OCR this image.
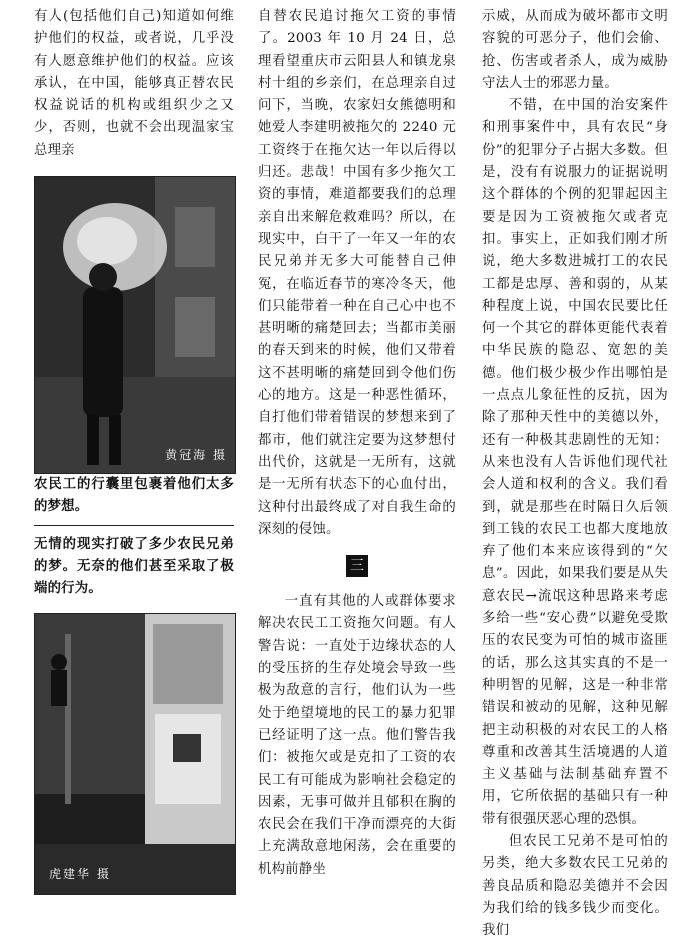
有人(包括他们自己)知道如何维护他们的权益，或者说，几乎没有人愿意维护他们的权益。应该承认，在中国，能够真正替农民权益说话的机构或组织少之又少，否则，也就不会出现温家宝总理亲

黄冠海 摄

农民工的行囊里包裹着他们太多的梦想。

无情的现实打破了多少农民兄弟的梦。无奈的他们甚至采取了极端的行为。

虎建华 摄

自替农民追讨拖欠工资的事情了。2003 年 10 月 24 日，总理看望重庆市云阳县人和镇龙泉村十组的乡亲们，在总理亲自过问下，当晚，农家妇女熊德明和她爱人李建明被拖欠的 2240 元工资终于在拖欠达一年以后得以归还。悲哉！中国有多少拖欠工资的事情，难道都要我们的总理亲自出来解危救难吗？所以，在现实中，白干了一年又一年的农民兄弟并无多大可能替自己伸冤，在临近春节的寒冷冬天，他们只能带着一种在自己心中也不甚明晰的痛楚回去；当都市美丽的春天到来的时候，他们又带着这不甚明晰的痛楚回到令他们伤心的地方。这是一种恶性循环，自打他们带着错误的梦想来到了都市，他们就注定要为这梦想付出代价，这就是一无所有，这就是一无所有状态下的心血付出，这种付出最终成了对自我生命的深刻的侵蚀。

三

一直有其他的人或群体要求解决农民工工资拖欠问题。有人警告说：一直处于边缘状态的人的受压挤的生存处境会导致一些极为敌意的言行，他们认为一些处于绝望境地的民工的暴力犯罪已经证明了这一点。他们警告我们：被拖欠或是克扣了工资的农民工有可能成为影响社会稳定的因素，无事可做并且郁积在胸的农民会在我们干净而漂亮的大街上充满敌意地闲荡，会在重要的机构前静坐

示威，从而成为破坏都市文明容貌的可恶分子，他们会偷、抢、伤害或者杀人，成为威胁守法人士的邪恶力量。

不错，在中国的治安案件和刑事案件中，具有农民“身份”的犯罪分子占据大多数。但是，没有有说服力的证据说明这个群体的个例的犯罪起因主要是因为工资被拖欠或者克扣。事实上，正如我们刚才所说，绝大多数进城打工的农民工都是忠厚、善和弱的，从某种程度上说，中国农民要比任何一个其它的群体更能代表着中华民族的隐忍、宽恕的美德。他们极少极少作出哪怕是一点点儿象征性的反抗，因为除了那种天性中的美德以外，还有一种极其悲剧性的无知：从来也没有人告诉他们现代社会人道和权利的含义。我们看到，就是那些在时隔日久后领到工钱的农民工也都大度地放弃了他们本来应该得到的“欠息”。因此，如果我们要是从失意农民→流氓这种思路来考虑多给一些“安心费”以避免受欺压的农民变为可怕的城市盗匪的话，那么这其实真的不是一种明智的见解，这是一种非常错误和被动的见解，这种见解把主动积极的对农民工的人格尊重和改善其生活境遇的人道主义基础与法制基础弃置不用，它所依据的基础只有一种带有很强厌恶心理的恐惧。

但农民工兄弟不是可怕的另类，绝大多数农民工兄弟的善良品质和隐忍美德并不会因为我们给的钱多钱少而变化。我们
